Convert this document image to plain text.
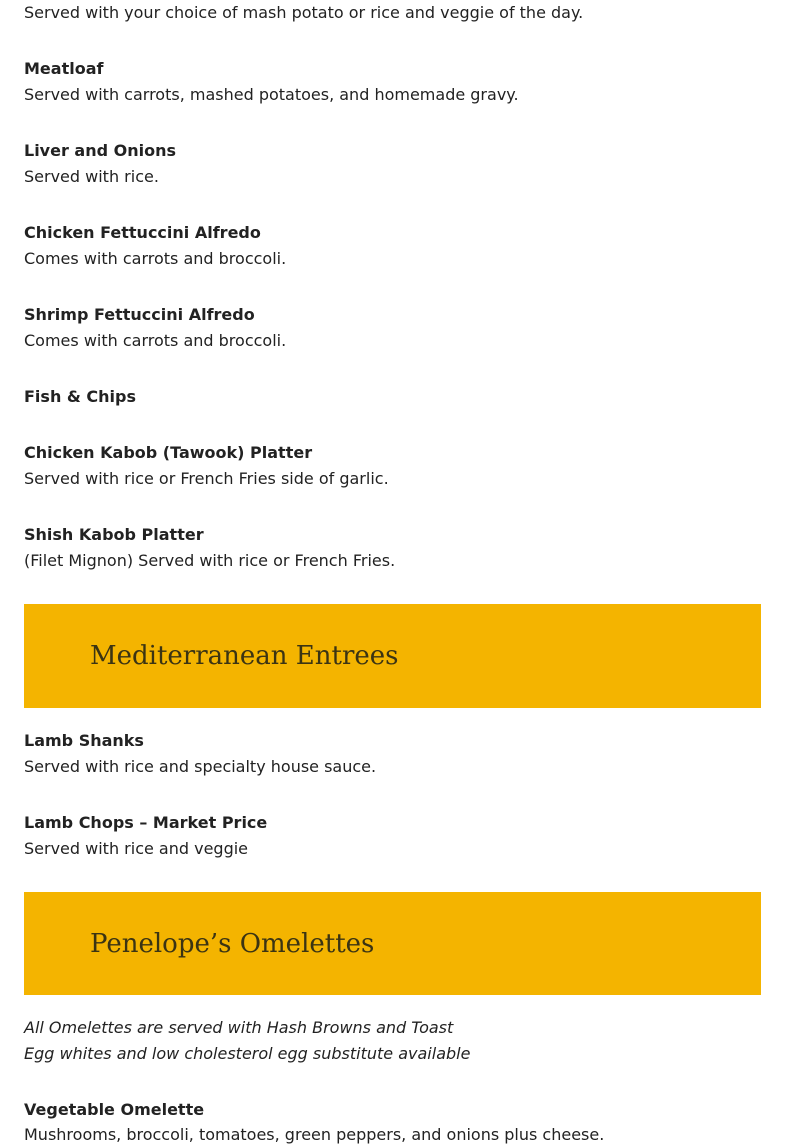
Served with your choice of mash potato or rice and veggie of the day.
Meatloaf
Served with carrots, mashed potatoes, and homemade gravy.
Liver and Onions
Served with rice.
Chicken Fettuccini Alfredo
Comes with carrots and broccoli.
Shrimp Fettuccini Alfredo
Comes with carrots and broccoli.
Fish & Chips
Chicken Kabob (Tawook) Platter
Served with rice or French Fries side of garlic.
Shish Kabob Platter
(Filet Mignon) Served with rice or French Fries.
Mediterranean Entrees
Lamb Shanks
Served with rice and specialty house sauce.
Lamb Chops – Market Price
Served with rice and veggie
Penelope’s Omelettes
All Omelettes are served with Hash Browns and Toast
Egg whites and low cholesterol egg substitute available
Vegetable Omelette
Mushrooms, broccoli, tomatoes, green peppers, and onions plus cheese.
